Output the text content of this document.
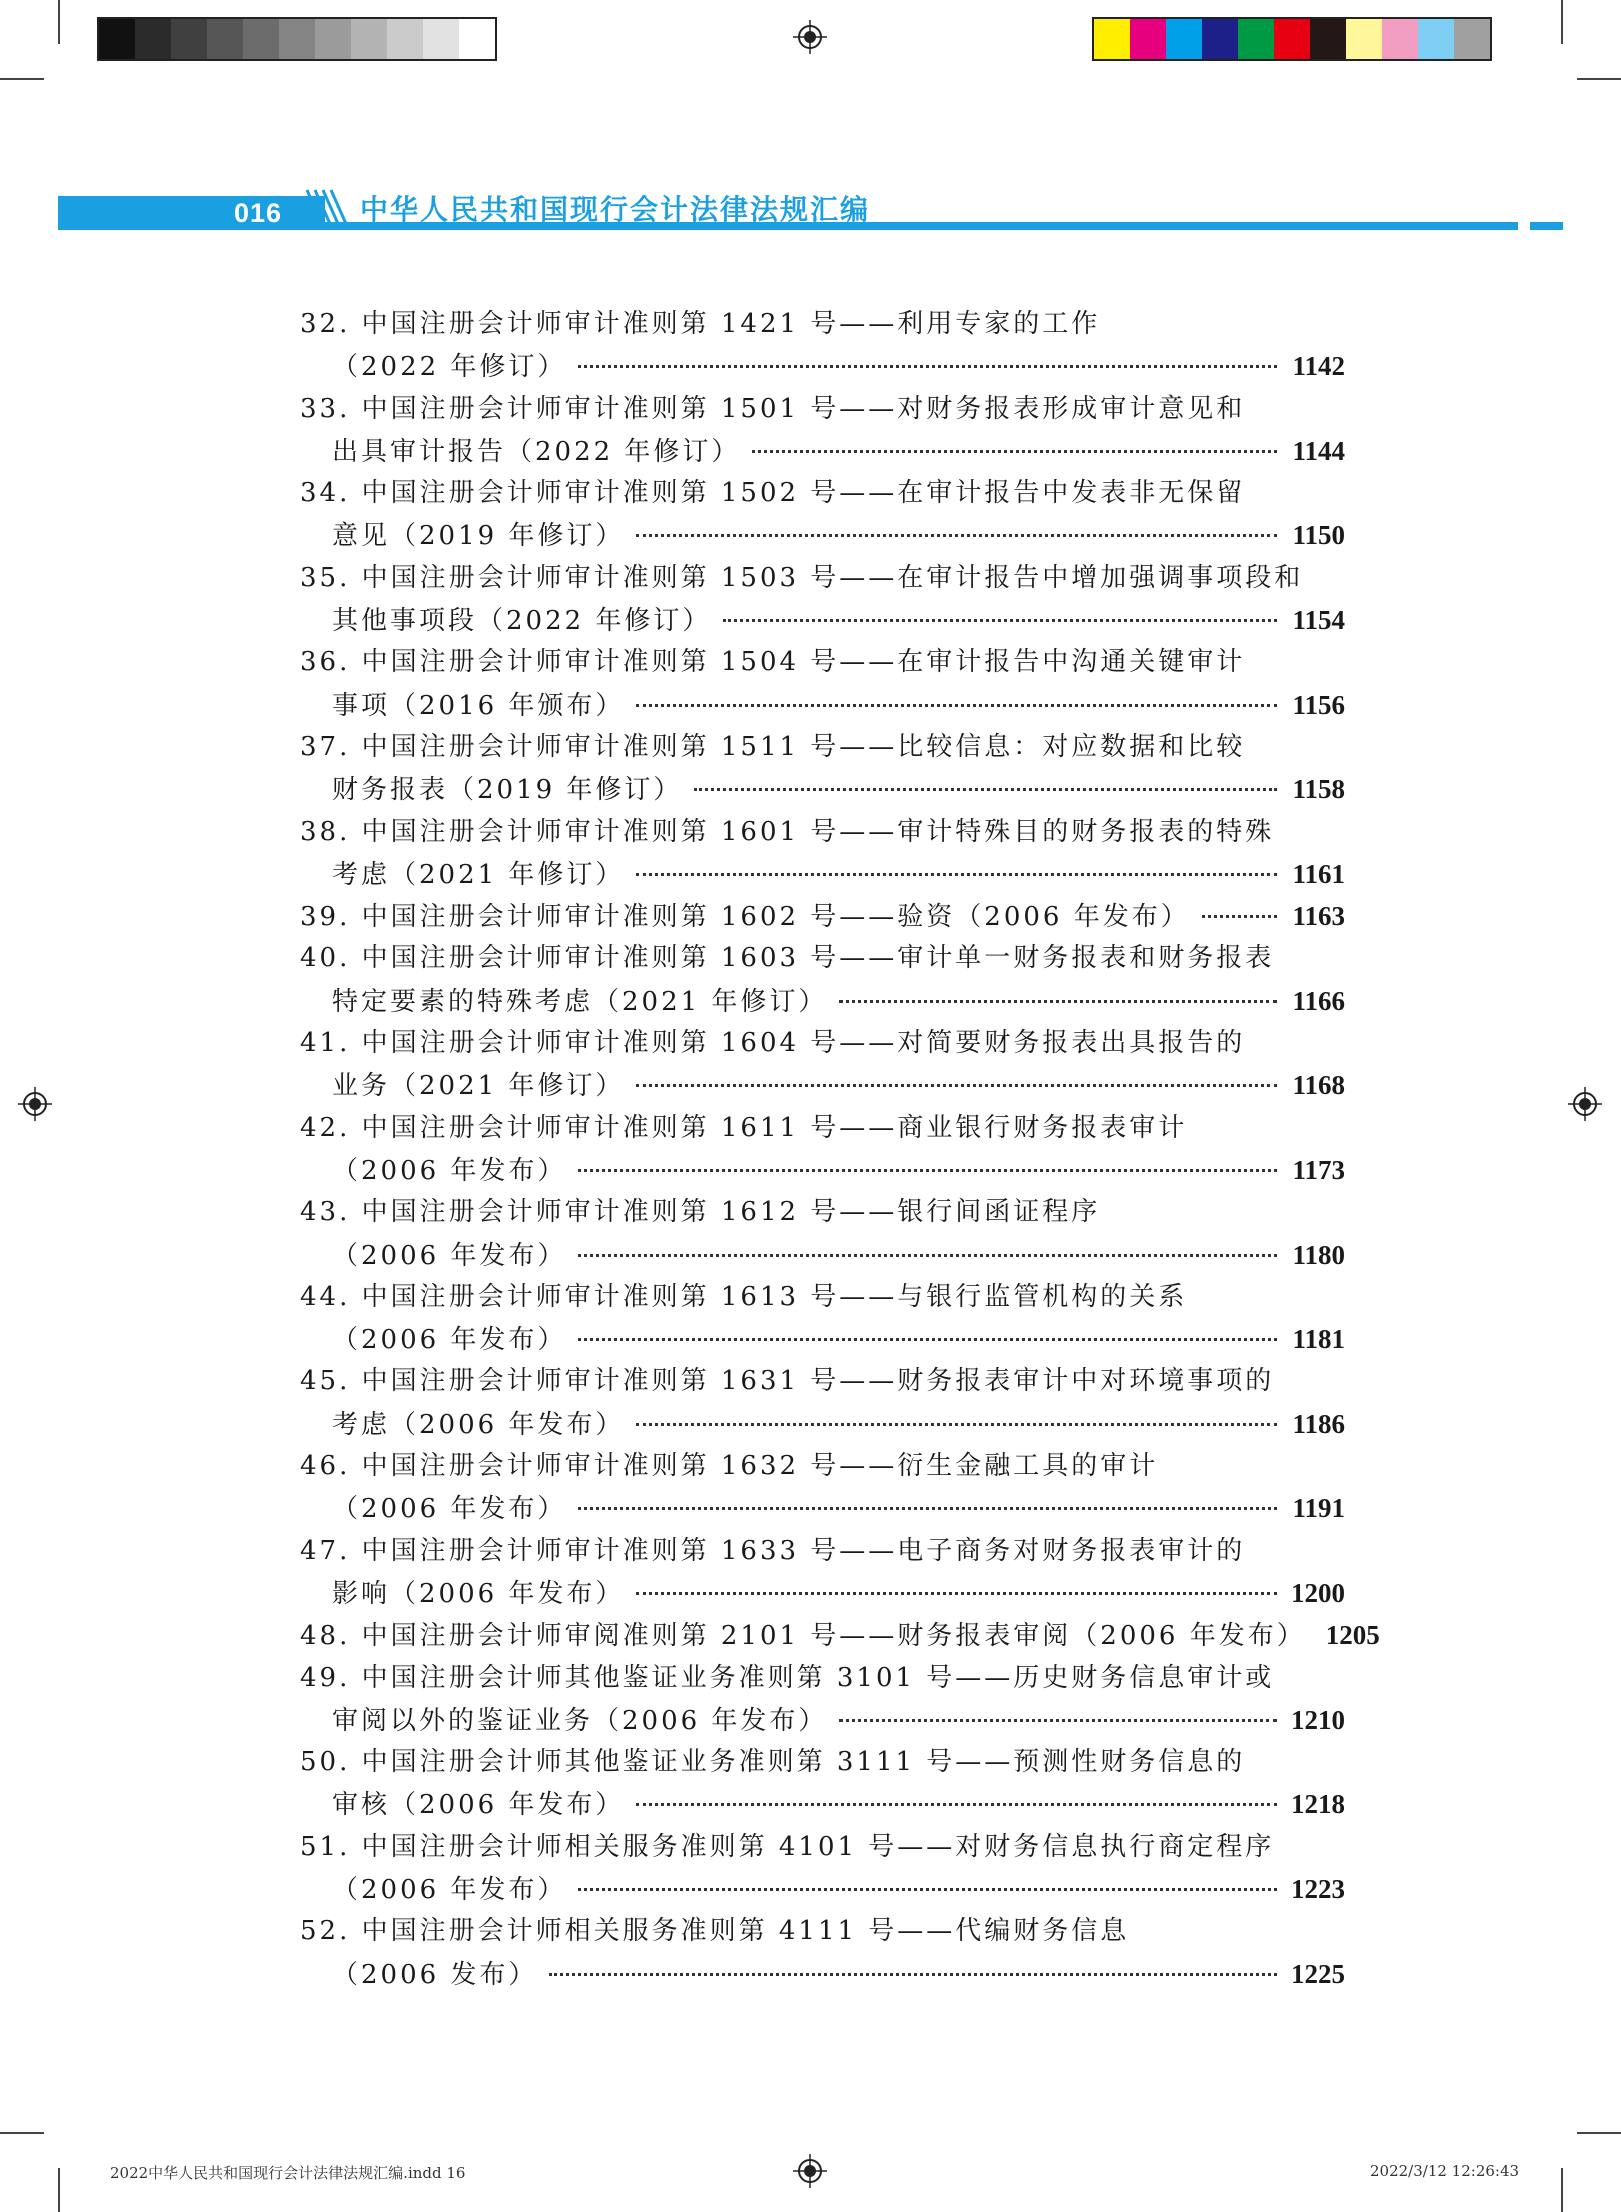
016	中华人民共和国现行会计法律法规汇编
32. 中国注册会计师审计准则第 1421 号——利用专家的工作
（2022 年修订）	1142
33. 中国注册会计师审计准则第 1501 号——对财务报表形成审计意见和
出具审计报告（2022 年修订）	1144
34. 中国注册会计师审计准则第 1502 号——在审计报告中发表非无保留
意见（2019 年修订）	1150
35. 中国注册会计师审计准则第 1503 号——在审计报告中增加强调事项段和
其他事项段（2022 年修订）	1154
36. 中国注册会计师审计准则第 1504 号——在审计报告中沟通关键审计
事项（2016 年颁布）	1156
37. 中国注册会计师审计准则第 1511 号——比较信息：对应数据和比较
财务报表（2019 年修订）	1158
38. 中国注册会计师审计准则第 1601 号——审计特殊目的财务报表的特殊
考虑（2021 年修订）	1161
39. 中国注册会计师审计准则第 1602 号——验资（2006 年发布）	1163
40. 中国注册会计师审计准则第 1603 号——审计单一财务报表和财务报表
特定要素的特殊考虑（2021 年修订）	1166
41. 中国注册会计师审计准则第 1604 号——对简要财务报表出具报告的
业务（2021 年修订）	1168
42. 中国注册会计师审计准则第 1611 号——商业银行财务报表审计
（2006 年发布）	1173
43. 中国注册会计师审计准则第 1612 号——银行间函证程序
（2006 年发布）	1180
44. 中国注册会计师审计准则第 1613 号——与银行监管机构的关系
（2006 年发布）	1181
45. 中国注册会计师审计准则第 1631 号——财务报表审计中对环境事项的
考虑（2006 年发布）	1186
46. 中国注册会计师审计准则第 1632 号——衍生金融工具的审计
（2006 年发布）	1191
47. 中国注册会计师审计准则第 1633 号——电子商务对财务报表审计的
影响（2006 年发布）	1200
48. 中国注册会计师审阅准则第 2101 号——财务报表审阅（2006 年发布） 1205
49. 中国注册会计师其他鉴证业务准则第 3101 号——历史财务信息审计或
审阅以外的鉴证业务（2006 年发布）	1210
50. 中国注册会计师其他鉴证业务准则第 3111 号——预测性财务信息的
审核（2006 年发布）	1218
51. 中国注册会计师相关服务准则第 4101 号——对财务信息执行商定程序
（2006 年发布）	1223
52. 中国注册会计师相关服务准则第 4111 号——代编财务信息
（2006 发布）	1225
2022中华人民共和国现行会计法律法规汇编.indd 16	2022/3/12 12:26:43
